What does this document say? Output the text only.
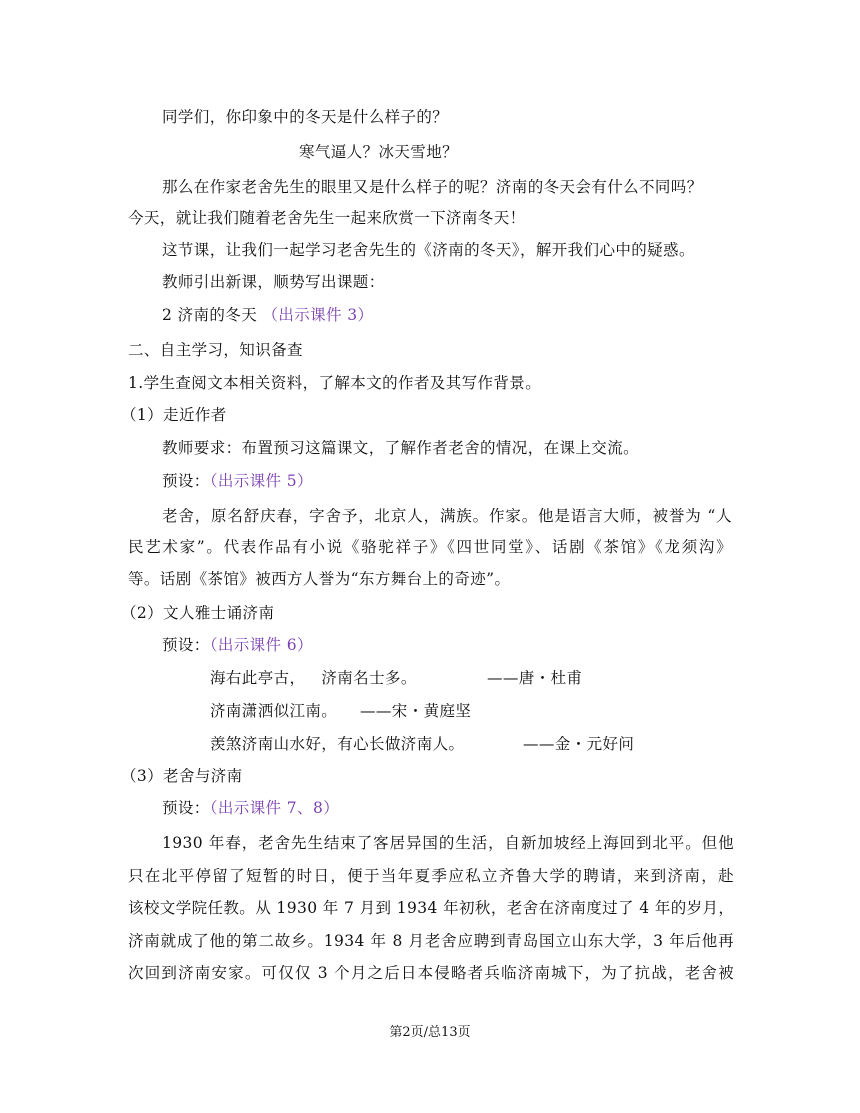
同学们，你印象中的冬天是什么样子的？
寒气逼人？冰天雪地？
那么在作家老舍先生的眼里又是什么样子的呢？济南的冬天会有什么不同吗？
今天，就让我们随着老舍先生一起来欣赏一下济南冬天！
这节课，让我们一起学习老舍先生的《济南的冬天》，解开我们心中的疑惑。
教师引出新课，顺势写出课题：
2 济南的冬天 （出示课件 3）
二、自主学习，知识备查
1.学生查阅文本相关资料，了解本文的作者及其写作背景。
（1）走近作者
教师要求：布置预习这篇课文，了解作者老舍的情况，在课上交流。
预设：（出示课件 5）
老舍，原名舒庆春，字舍予，北京人，满族。作家。他是语言大师，被誉为 “人
民艺术家”。代表作品有小说《骆驼祥子》《四世同堂》、话剧《茶馆》《龙须沟》
等。话剧《茶馆》被西方人誉为“东方舞台上的奇迹”。
（2）文人雅士诵济南
预设：（出示课件 6）
海右此亭古，   济南名士多。	——唐・杜甫
济南潇洒似江南。 ——宋・黄庭坚
羡煞济南山水好，有心长做济南人。	——金・元好问
（3）老舍与济南
预设：（出示课件 7、8）
1930 年春，老舍先生结束了客居异国的生活，自新加坡经上海回到北平。但他
只在北平停留了短暂的时日，便于当年夏季应私立齐鲁大学的聘请，来到济南，赴
该校文学院任教。从 1930 年 7 月到 1934 年初秋，老舍在济南度过了 4 年的岁月，
济南就成了他的第二故乡。1934 年 8 月老舍应聘到青岛国立山东大学，3 年后他再
次回到济南安家。可仅仅 3 个月之后日本侵略者兵临济南城下，为了抗战，老舍被
第2页/总13页
